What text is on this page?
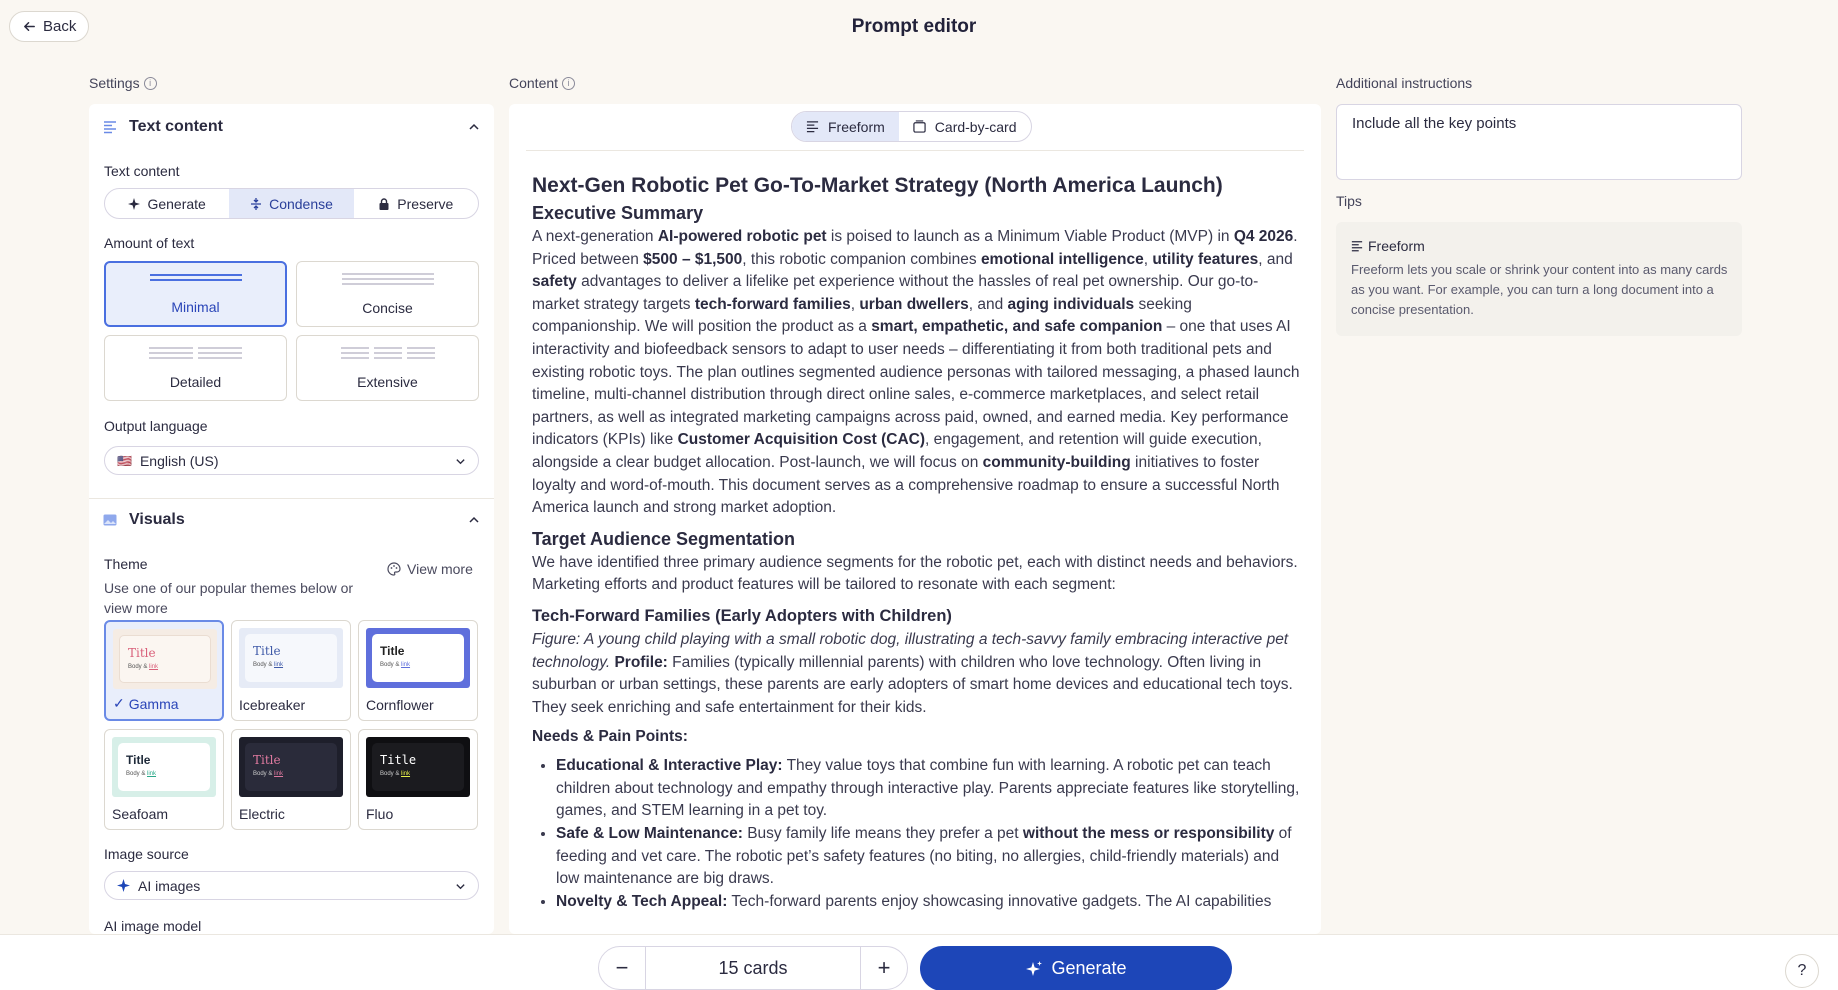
Back	Prompt editor
Settings	i	Content	i	Additional instructions
Text content
Text content
Generate	Condense	Preserve
Amount of text
Minimal	Concise
Detailed	Extensive
Output language
🇺🇸 English (US)
Visuals
Theme	View more
Use one of our popular themes below or view more
Title
Body & link
✓ Gamma
Title
Body & link
Icebreaker
Title
Body & link
Cornflower
Title
Body & link
Seafoam
Title
Body & link
Electric
Title
Body & link
Fluo
Image source
AI images
AI image model
Freeform	Card-by-card
Next-Gen Robotic Pet Go-To-Market Strategy (North America Launch)
Executive Summary

A next-generation AI-powered robotic pet is poised to launch as a Minimum Viable Product (MVP) in Q4 2026. Priced between $500 – $1,500, this robotic companion combines emotional intelligence, utility features, and safety advantages to deliver a lifelike pet experience without the hassles of real pet ownership. Our go-to-market strategy targets tech-forward families, urban dwellers, and aging individuals seeking companionship. We will position the product as a smart, empathetic, and safe companion – one that uses AI interactivity and biofeedback sensors to adapt to user needs – differentiating it from both traditional pets and existing robotic toys. The plan outlines segmented audience personas with tailored messaging, a phased launch timeline, multi-channel distribution through direct online sales, e-commerce marketplaces, and select retail partners, as well as integrated marketing campaigns across paid, owned, and earned media. Key performance indicators (KPIs) like Customer Acquisition Cost (CAC), engagement, and retention will guide execution, alongside a clear budget allocation. Post-launch, we will focus on community-building initiatives to foster loyalty and word-of-mouth. This document serves as a comprehensive roadmap to ensure a successful North America launch and strong market adoption.

Target Audience Segmentation

We have identified three primary audience segments for the robotic pet, each with distinct needs and behaviors. Marketing efforts and product features will be tailored to resonate with each segment:

Tech-Forward Families (Early Adopters with Children)

Figure: A young child playing with a small robotic dog, illustrating a tech-savvy family embracing interactive pet technology. Profile: Families (typically millennial parents) with children who love technology. Often living in suburban or urban settings, these parents are early adopters of smart home devices and educational tech toys. They seek enriching and safe entertainment for their kids.

Needs & Pain Points:
• Educational & Interactive Play: They value toys that combine fun with learning. A robotic pet can teach children about technology and empathy through interactive play. Parents appreciate features like storytelling, games, and STEM learning in a pet toy.
• Safe & Low Maintenance: Busy family life means they prefer a pet without the mess or responsibility of feeding and vet care. The robotic pet’s safety features (no biting, no allergies, child-friendly materials) and low maintenance are big draws.
• Novelty & Tech Appeal: Tech-forward parents enjoy showcasing innovative gadgets. The AI capabilities
Include all the key points
Tips
Freeform
Freeform lets you scale or shrink your content into as many cards as you want. For example, you can turn a long document into a concise presentation.
−	15 cards	+	Generate	?
